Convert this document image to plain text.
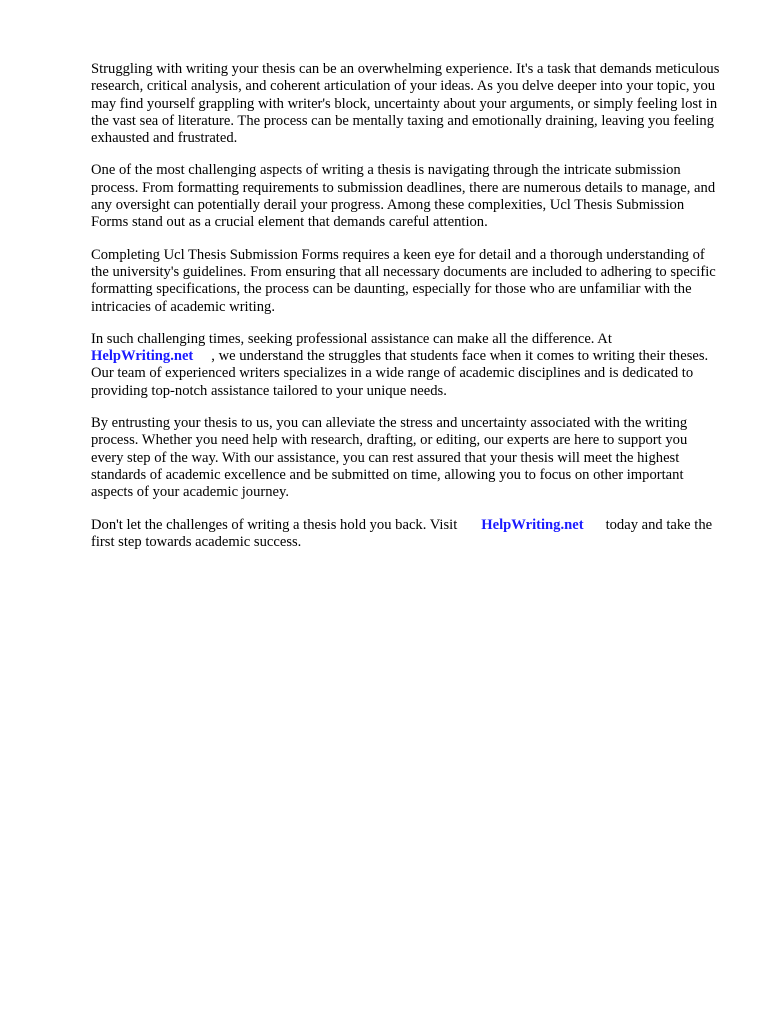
Struggling with writing your thesis can be an overwhelming experience. It's a task that demands meticulous research, critical analysis, and coherent articulation of your ideas. As you delve deeper into your topic, you may find yourself grappling with writer's block, uncertainty about your arguments, or simply feeling lost in the vast sea of literature. The process can be mentally taxing and emotionally draining, leaving you feeling exhausted and frustrated.

One of the most challenging aspects of writing a thesis is navigating through the intricate submission process. From formatting requirements to submission deadlines, there are numerous details to manage, and any oversight can potentially derail your progress. Among these complexities, Ucl Thesis Submission Forms stand out as a crucial element that demands careful attention.

Completing Ucl Thesis Submission Forms requires a keen eye for detail and a thorough understanding of the university's guidelines. From ensuring that all necessary documents are included to adhering to specific formatting specifications, the process can be daunting, especially for those who are unfamiliar with the intricacies of academic writing.

In such challenging times, seeking professional assistance can make all the difference. At
HelpWriting.net , we understand the struggles that students face when it comes to writing their theses. Our team of experienced writers specializes in a wide range of academic disciplines and is dedicated to providing top-notch assistance tailored to your unique needs.

By entrusting your thesis to us, you can alleviate the stress and uncertainty associated with the writing process. Whether you need help with research, drafting, or editing, our experts are here to support you every step of the way. With our assistance, you can rest assured that your thesis will meet the highest standards of academic excellence and be submitted on time, allowing you to focus on other important aspects of your academic journey.

Don't let the challenges of writing a thesis hold you back. Visit HelpWriting.net today and take the first step towards academic success.
